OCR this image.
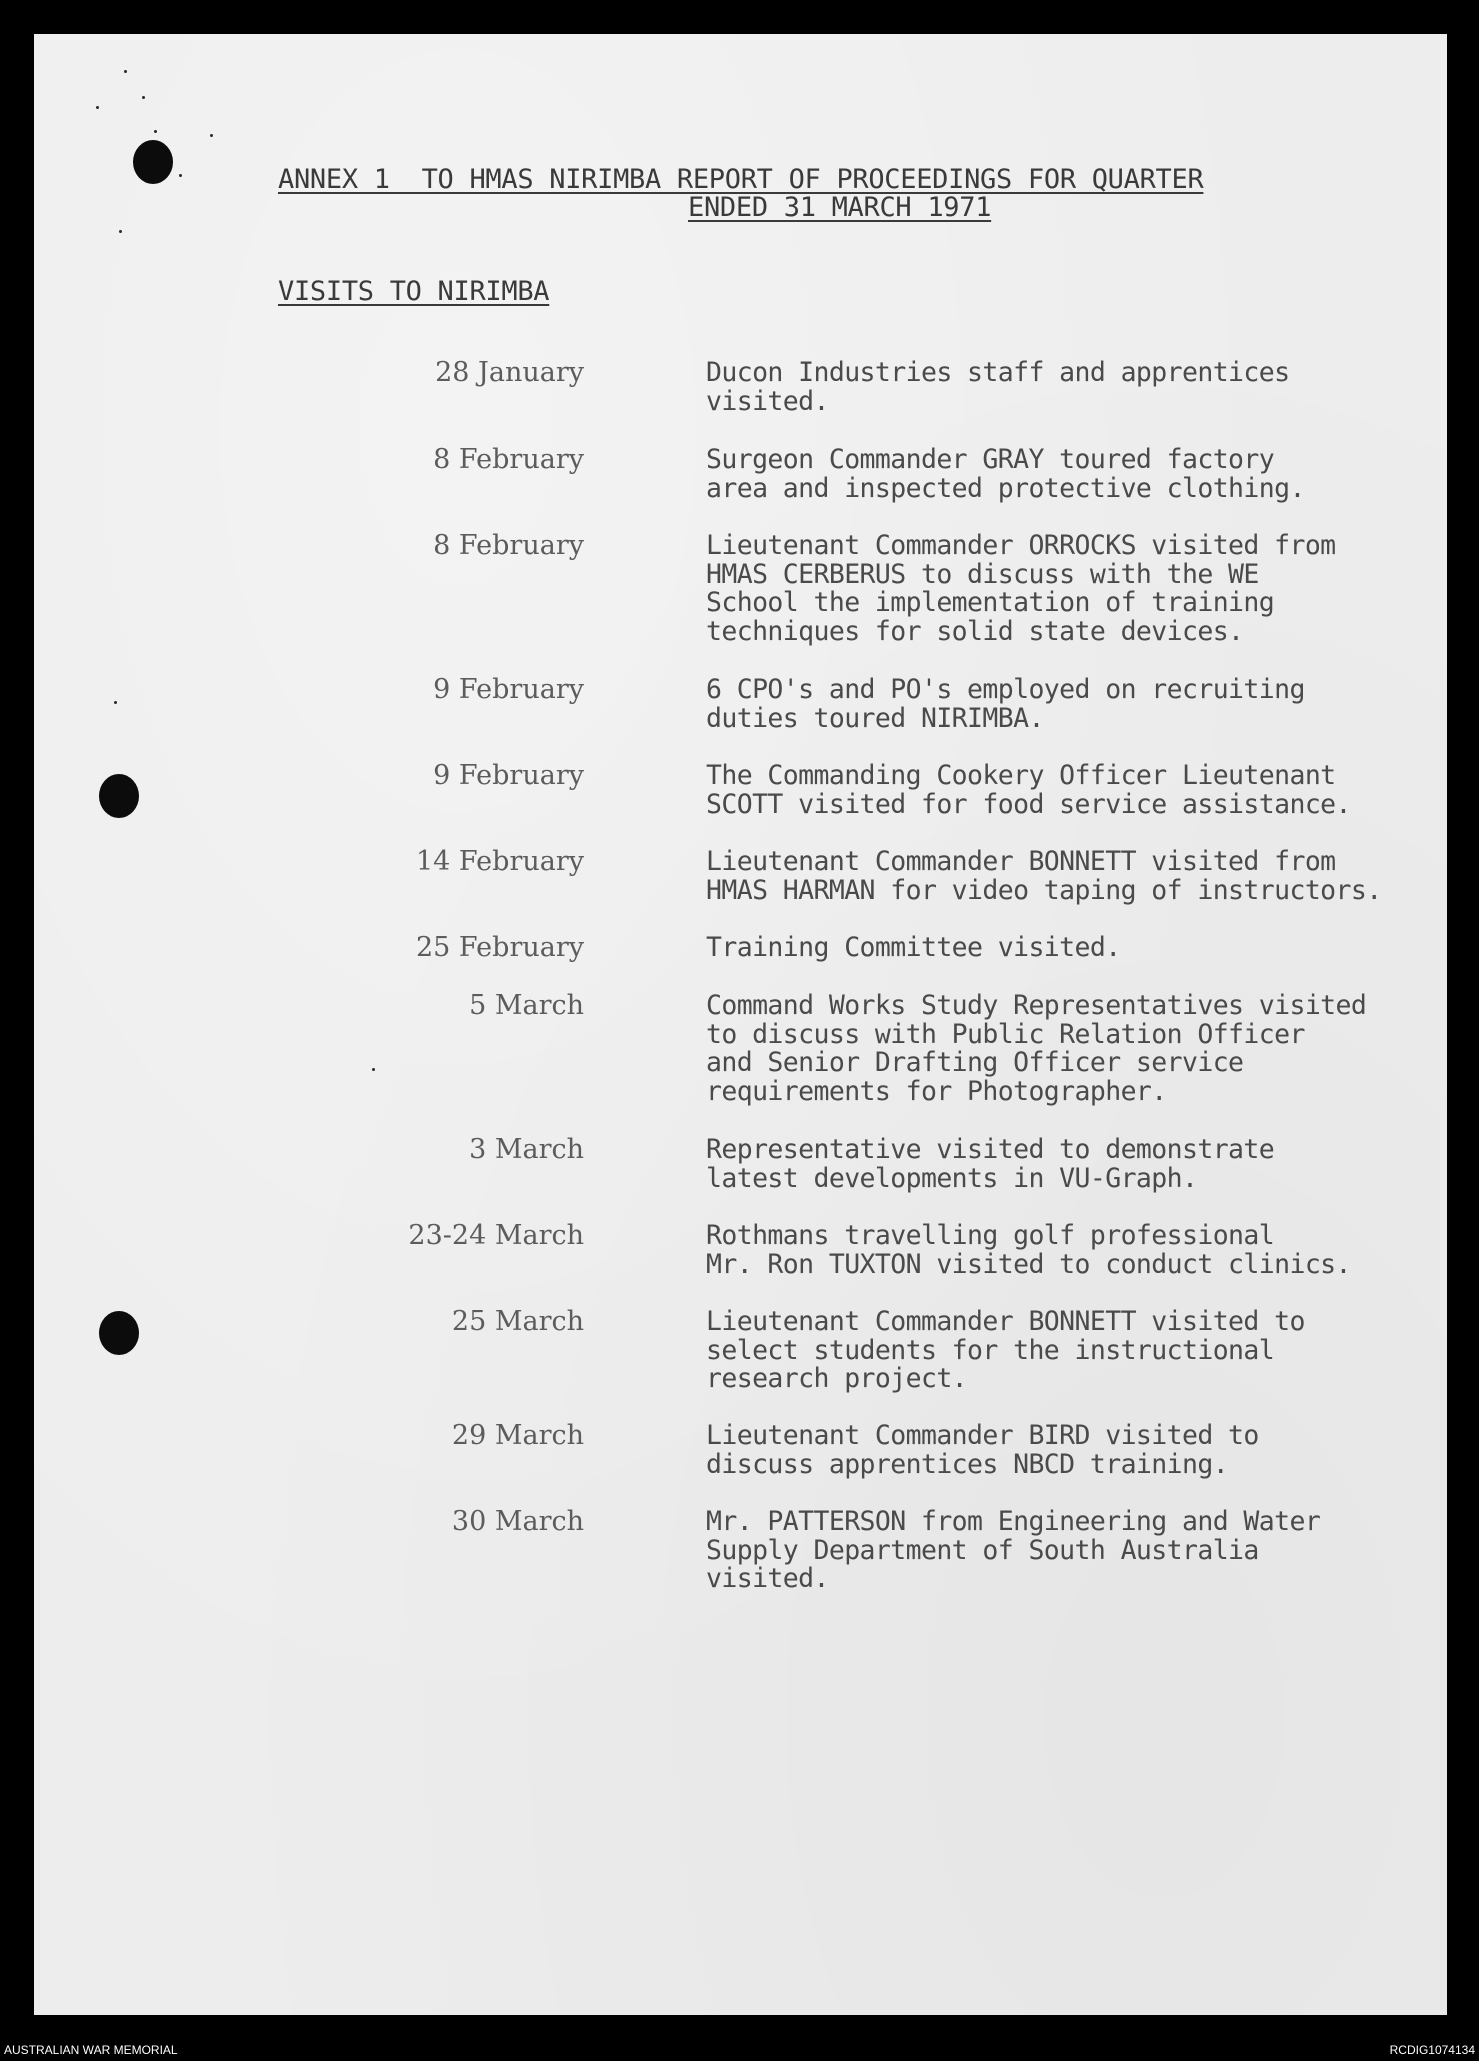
ANNEX 1  TO HMAS NIRIMBA REPORT OF PROCEEDINGS FOR QUARTER
ENDED 31 MARCH 1971
VISITS TO NIRIMBA
28 January	Ducon Industries staff and apprentices
visited.
8 February	Surgeon Commander GRAY toured factory
area and inspected protective clothing.
8 February	Lieutenant Commander ORROCKS visited from
HMAS CERBERUS to discuss with the WE
School the implementation of training
techniques for solid state devices.
9 February	6 CPO's and PO's employed on recruiting
duties toured NIRIMBA.
9 February	The Commanding Cookery Officer Lieutenant
SCOTT visited for food service assistance.
14 February	Lieutenant Commander BONNETT visited from
HMAS HARMAN for video taping of instructors.
25 February	Training Committee visited.
5 March	Command Works Study Representatives visited
to discuss with Public Relation Officer
and Senior Drafting Officer service
requirements for Photographer.
3 March	Representative visited to demonstrate
latest developments in VU-Graph.
23-24 March	Rothmans travelling golf professional
Mr. Ron TUXTON visited to conduct clinics.
25 March	Lieutenant Commander BONNETT visited to
select students for the instructional
research project.
29 March	Lieutenant Commander BIRD visited to
discuss apprentices NBCD training.
30 March	Mr. PATTERSON from Engineering and Water
Supply Department of South Australia
visited.
AUSTRALIAN WAR MEMORIAL	RCDIG1074134
